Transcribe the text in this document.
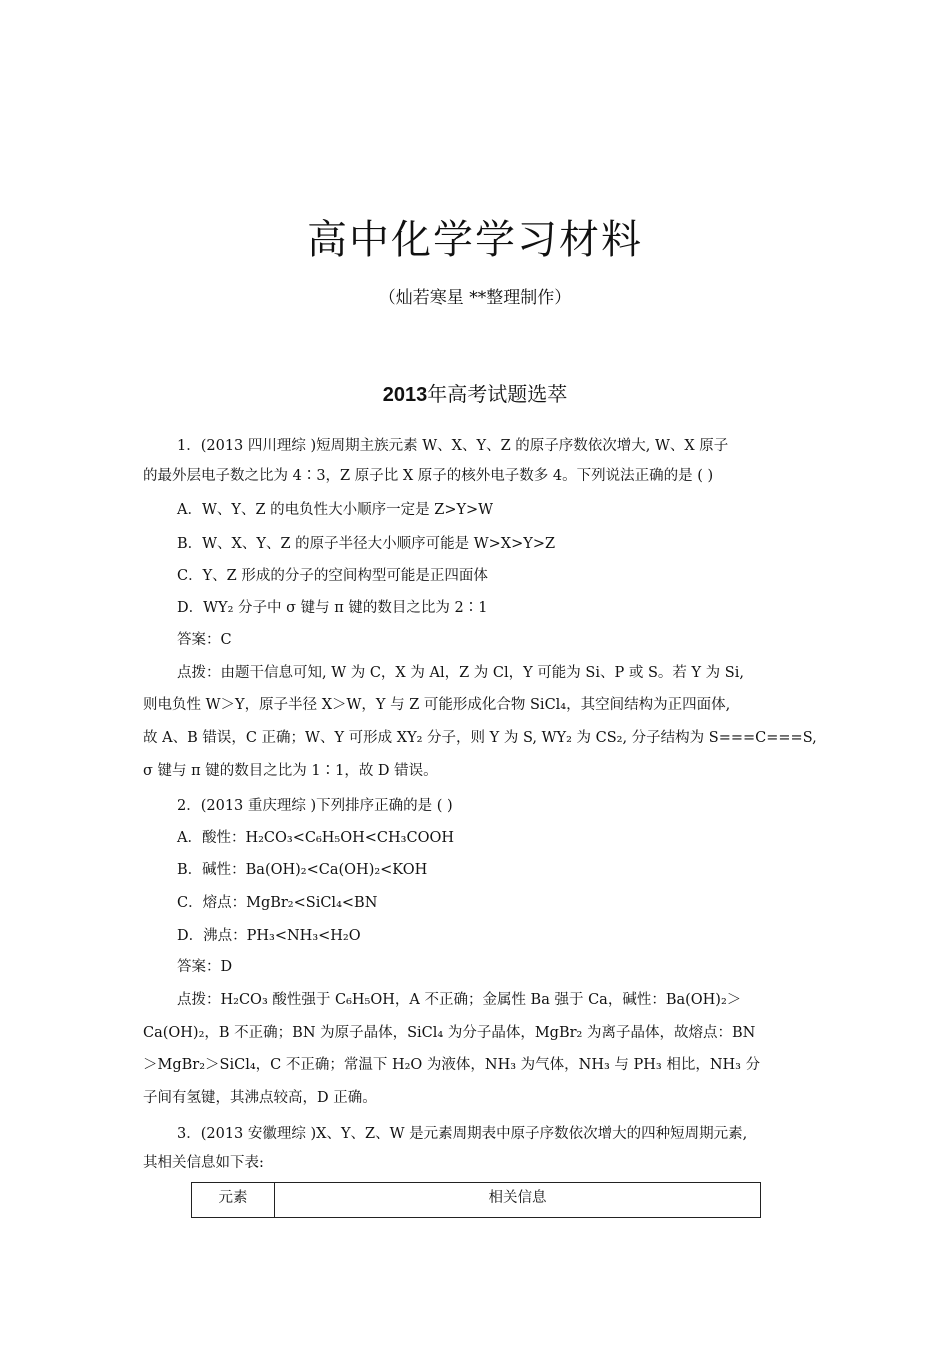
高中化学学习材料
（灿若寒星 **整理制作）
2013年高考试题选萃
1．(2013 四川理综 )短周期主族元素 W、X、Y、Z 的原子序数依次增大, W、X 原子
的最外层电子数之比为 4∶3，Z 原子比 X 原子的核外电子数多 4。下列说法正确的是 ( )
A．W、Y、Z 的电负性大小顺序一定是 Z>Y>W
B．W、X、Y、Z 的原子半径大小顺序可能是 W>X>Y>Z
C．Y、Z 形成的分子的空间构型可能是正四面体
D．WY₂ 分子中 σ 键与 π 键的数目之比为 2∶1
答案：C
点拨：由题干信息可知, W 为 C，X 为 Al，Z 为 Cl，Y 可能为 Si、P 或 S。若 Y 为 Si,
则电负性 W＞Y，原子半径 X＞W，Y 与 Z 可能形成化合物 SiCl₄，其空间结构为正四面体,
故 A、B 错误，C 正确；W、Y 可形成 XY₂ 分子，则 Y 为 S, WY₂ 为 CS₂, 分子结构为 S===C===S,
σ 键与 π 键的数目之比为 1∶1，故 D 错误。
2．(2013 重庆理综 )下列排序正确的是 ( )
A．酸性：H₂CO₃<C₆H₅OH<CH₃COOH
B．碱性：Ba(OH)₂<Ca(OH)₂<KOH
C．熔点：MgBr₂<SiCl₄<BN
D．沸点：PH₃<NH₃<H₂O
答案：D
点拨：H₂CO₃ 酸性强于 C₆H₅OH，A 不正确；金属性 Ba 强于 Ca，碱性：Ba(OH)₂＞
Ca(OH)₂，B 不正确；BN 为原子晶体，SiCl₄ 为分子晶体，MgBr₂ 为离子晶体，故熔点：BN
＞MgBr₂＞SiCl₄，C 不正确；常温下 H₂O 为液体，NH₃ 为气体，NH₃ 与 PH₃ 相比，NH₃ 分
子间有氢键，其沸点较高，D 正确。
3．(2013 安徽理综 )X、Y、Z、W 是元素周期表中原子序数依次增大的四种短周期元素,
其相关信息如下表:
元素	相关信息
